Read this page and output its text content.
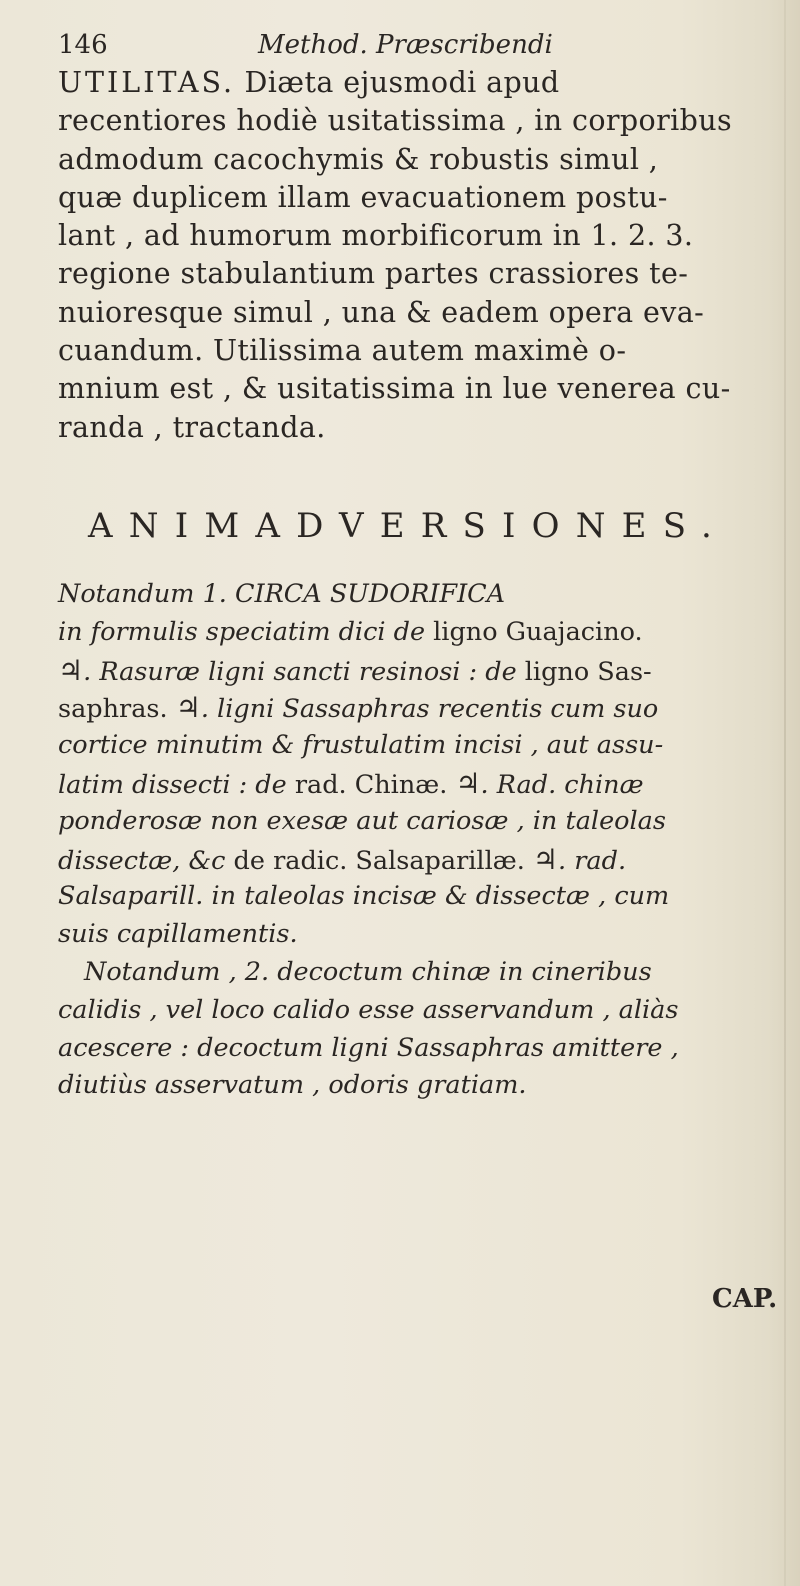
146	Method. Præscribendi
UTILITAS. Diæta ejusmodi apud
recentiores hodiè usitatissima , in corporibus
admodum cacochymis & robustis simul ,
quæ duplicem illam evacuationem postu-
lant , ad humorum morbificorum in 1. 2. 3.
regione stabulantium partes crassiores te-
nuioresque simul , una & eadem opera eva-
cuandum. Utilissima autem maximè o-
mnium est , & usitatissima in lue venerea cu-
randa , tractanda.
ANIMADVERSIONES.
Notandum 1. CIRCA SUDORIFICA
in formulis speciatim dici de ligno Guajacino.
♃. Rasuræ ligni sancti resinosi : de ligno Sas-
saphras. ♃. ligni Sassaphras recentis cum suo
cortice minutim & frustulatim incisi , aut assu-
latim dissecti : de rad. Chinæ. ♃. Rad. chinæ
ponderosæ non exesæ aut cariosæ , in taleolas
dissectæ, &c de radic. Salsaparillæ. ♃. rad.
Salsaparill. in taleolas incisæ & dissectæ , cum
suis capillamentis.
Notandum , 2. decoctum chinæ in cineribus
calidis , vel loco calido esse asservandum , aliàs
acescere : decoctum ligni Sassaphras amittere ,
diutiùs asservatum , odoris gratiam.
CAP.
